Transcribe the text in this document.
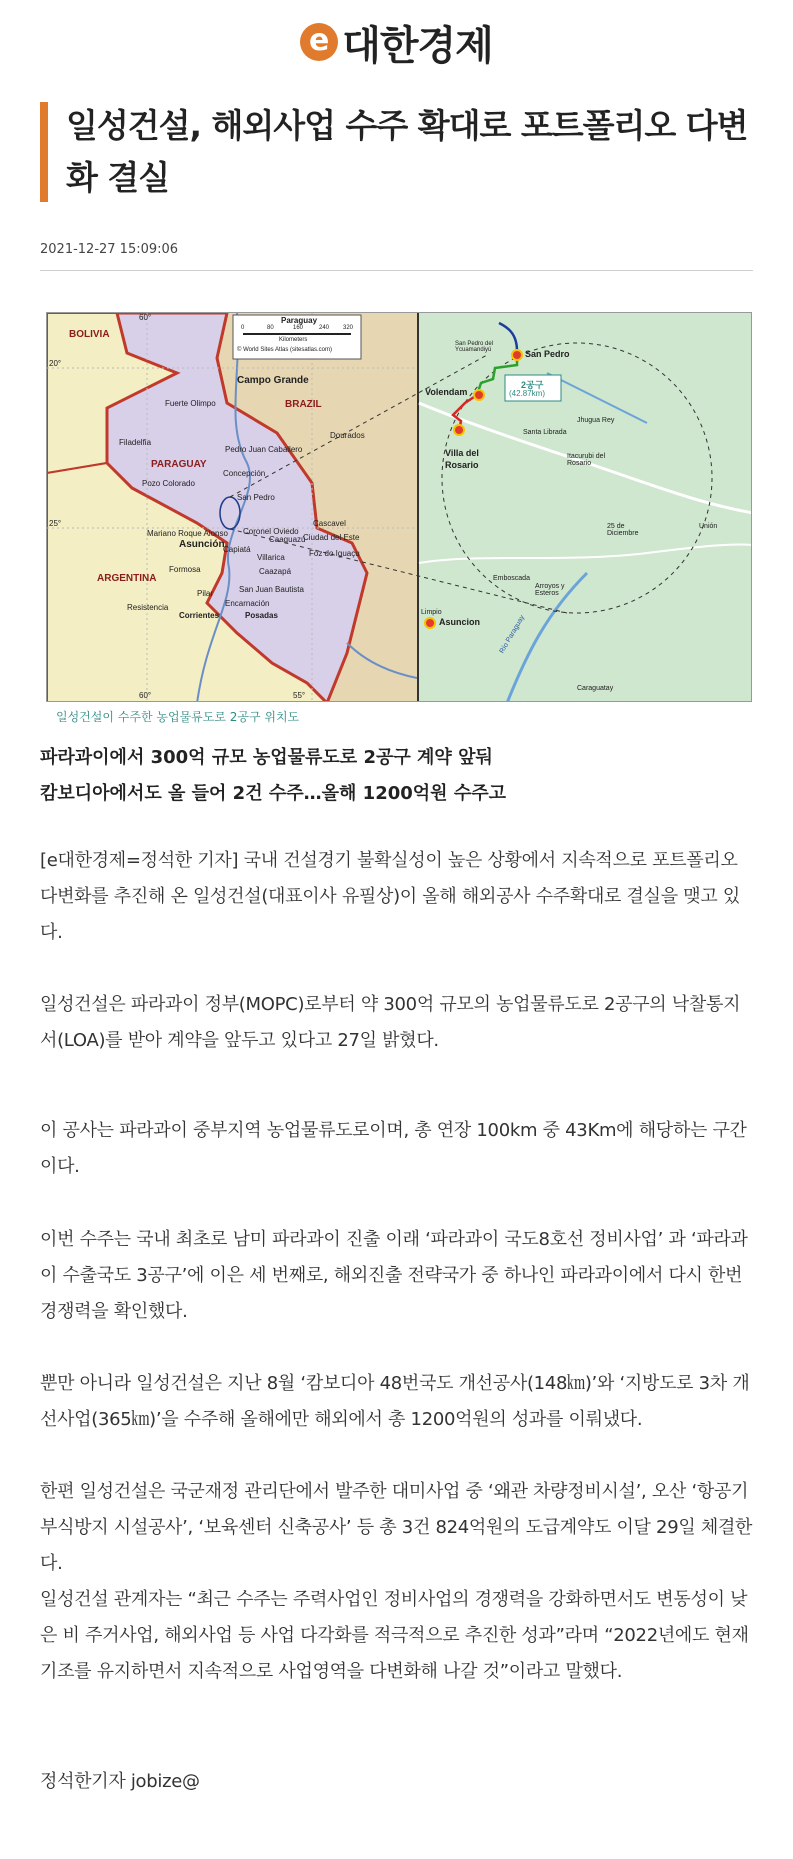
e 대한경제
일성건설, 해외사업 수주 확대로 포트폴리오 다변화 결실
2021-12-27 15:09:06
BOLIVIA
BRAZIL
PARAGUAY
ARGENTINA
Campo Grande
Fuerte Olimpo
Filadelfia
Dourados
Pedro Juan Caballero
Pozo Colorado
Concepción
San Pedro
Mariano Roque Alonso
Asunción
Coronel Oviedo
Caaguazú
Cascavel
Ciudad del Este
Foz do Iguaçu
Capiatá
Villarica
Caazapá
Formosa
Pilar	San Juan Bautista
Encarnación
Resistencia
Corrientes	Posadas
60°
60°	55°
20°
25°
Paraguay
0	80	160	240 320
Kilometers
© World Sites Atlas (sitesatlas.com)	San Pedro
Volendam
Villa del Rosario
Asuncion
Limpio
Santa Librada
Jhugua Rey
25 de Diciembre
Itacurubi del Rosario
Caraguatay
Arroyos y Esteros
Unión
San Pedro del Ycuamandiyú
Emboscada
2공구
(42.87km)
Río Paraguay
일성건설이 수주한 농업물류도로 2공구 위치도
파라과이에서 300억 규모 농업물류도로 2공구 계약 앞둬
캄보디아에서도 올 들어 2건 수주…올해 1200억원 수주고

[e대한경제=정석한 기자] 국내 건설경기 불확실성이 높은 상황에서 지속적으로 포트폴리오 다변화를 추진해 온 일성건설(대표이사 유필상)이 올해 해외공사 수주확대로 결실을 맺고 있다.

일성건설은 파라과이 정부(MOPC)로부터 약 300억 규모의 농업물류도로 2공구의 낙찰통지서(LOA)를 받아 계약을 앞두고 있다고 27일 밝혔다.

이 공사는 파라과이 중부지역 농업물류도로이며, 총 연장 100km 중 43Km에 해당하는 구간이다.

이번 수주는 국내 최초로 남미 파라과이 진출 이래 ‘파라과이 국도8호선 정비사업’ 과 ‘파라과이 수출국도 3공구’에 이은 세 번째로, 해외진출 전략국가 중 하나인 파라과이에서 다시 한번 경쟁력을 확인했다.

뿐만 아니라 일성건설은 지난 8월 ‘캄보디아 48번국도 개선공사(148㎞)’와 ‘지방도로 3차 개선사업(365㎞)’을 수주해 올해에만 해외에서 총 1200억원의 성과를 이뤄냈다.

한편 일성건설은 국군재정 관리단에서 발주한 대미사업 중 ‘왜관 차량정비시설’, 오산 ‘항공기 부식방지 시설공사’, ‘보육센터 신축공사’ 등 총 3건 824억원의 도급계약도 이달 29일 체결한다.

일성건설 관계자는 “최근 수주는 주력사업인 정비사업의 경쟁력을 강화하면서도 변동성이 낮은 비 주거사업, 해외사업 등 사업 다각화를 적극적으로 추진한 성과”라며 “2022년에도 현재 기조를 유지하면서 지속적으로 사업영역을 다변화해 나갈 것”이라고 말했다.

정석한기자 jobize@
